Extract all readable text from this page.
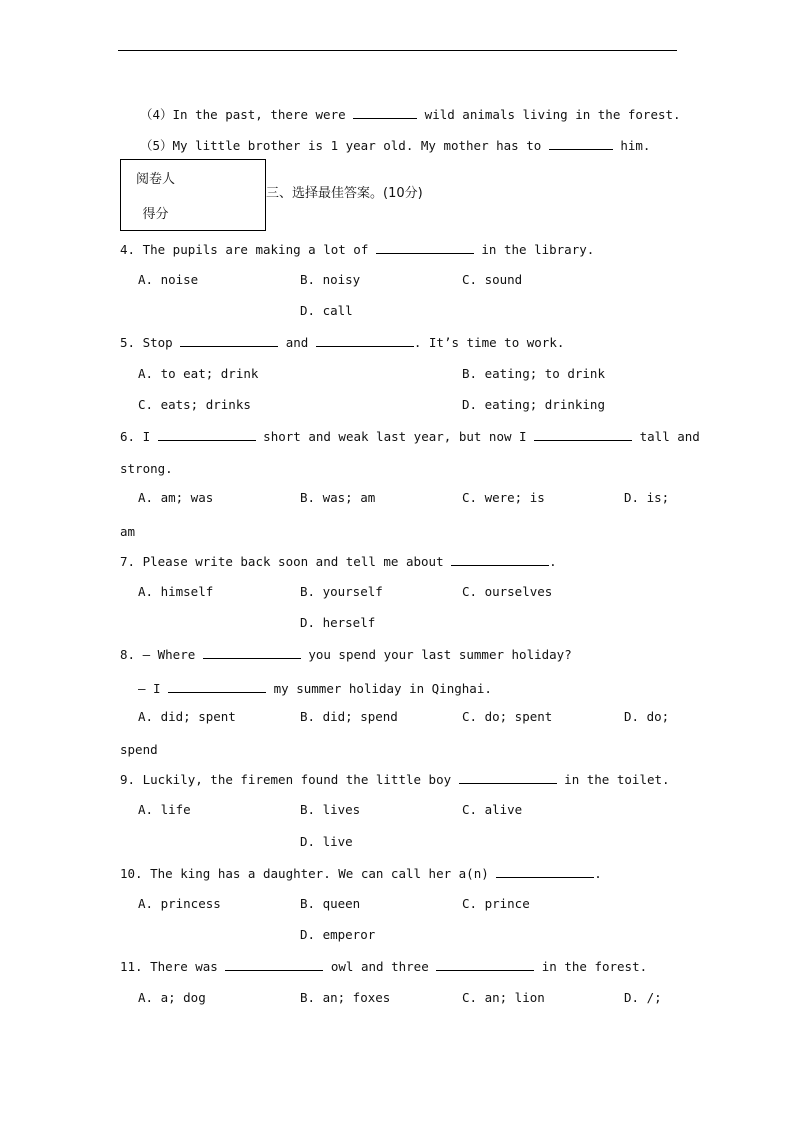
（4）In the past, there were	wild animals living in the forest.
（5）My little brother is 1 year old. My mother has to	him.
阅卷人
得分
三、选择最佳答案。(10分)
4. The pupils are making a lot of	in the library.
A. noise	B. noisy	C. sound
D. call
5. Stop	and	. It’s time to work.
A. to eat; drink	B. eating; to drink
C. eats; drinks	D. eating; drinking
6. I	short and weak last year, but now I	tall and
strong.
A. am; was	B. was; am	C. were; is	D. is;
am
7. Please write back soon and tell me about	.
A. himself	B. yourself	C. ourselves
D. herself
8. — Where	you spend your last summer holiday?
— I	my summer holiday in Qinghai.
A. did; spent	B. did; spend	C. do; spent	D. do;
spend
9. Luckily, the firemen found the little boy	in the toilet.
A. life	B. lives	C. alive
D. live
10. The king has a daughter. We can call her a(n)	.
A. princess	B. queen	C. prince
D. emperor
11. There was	owl and three	in the forest.
A. a; dog	B. an; foxes	C. an; lion	D. /;
